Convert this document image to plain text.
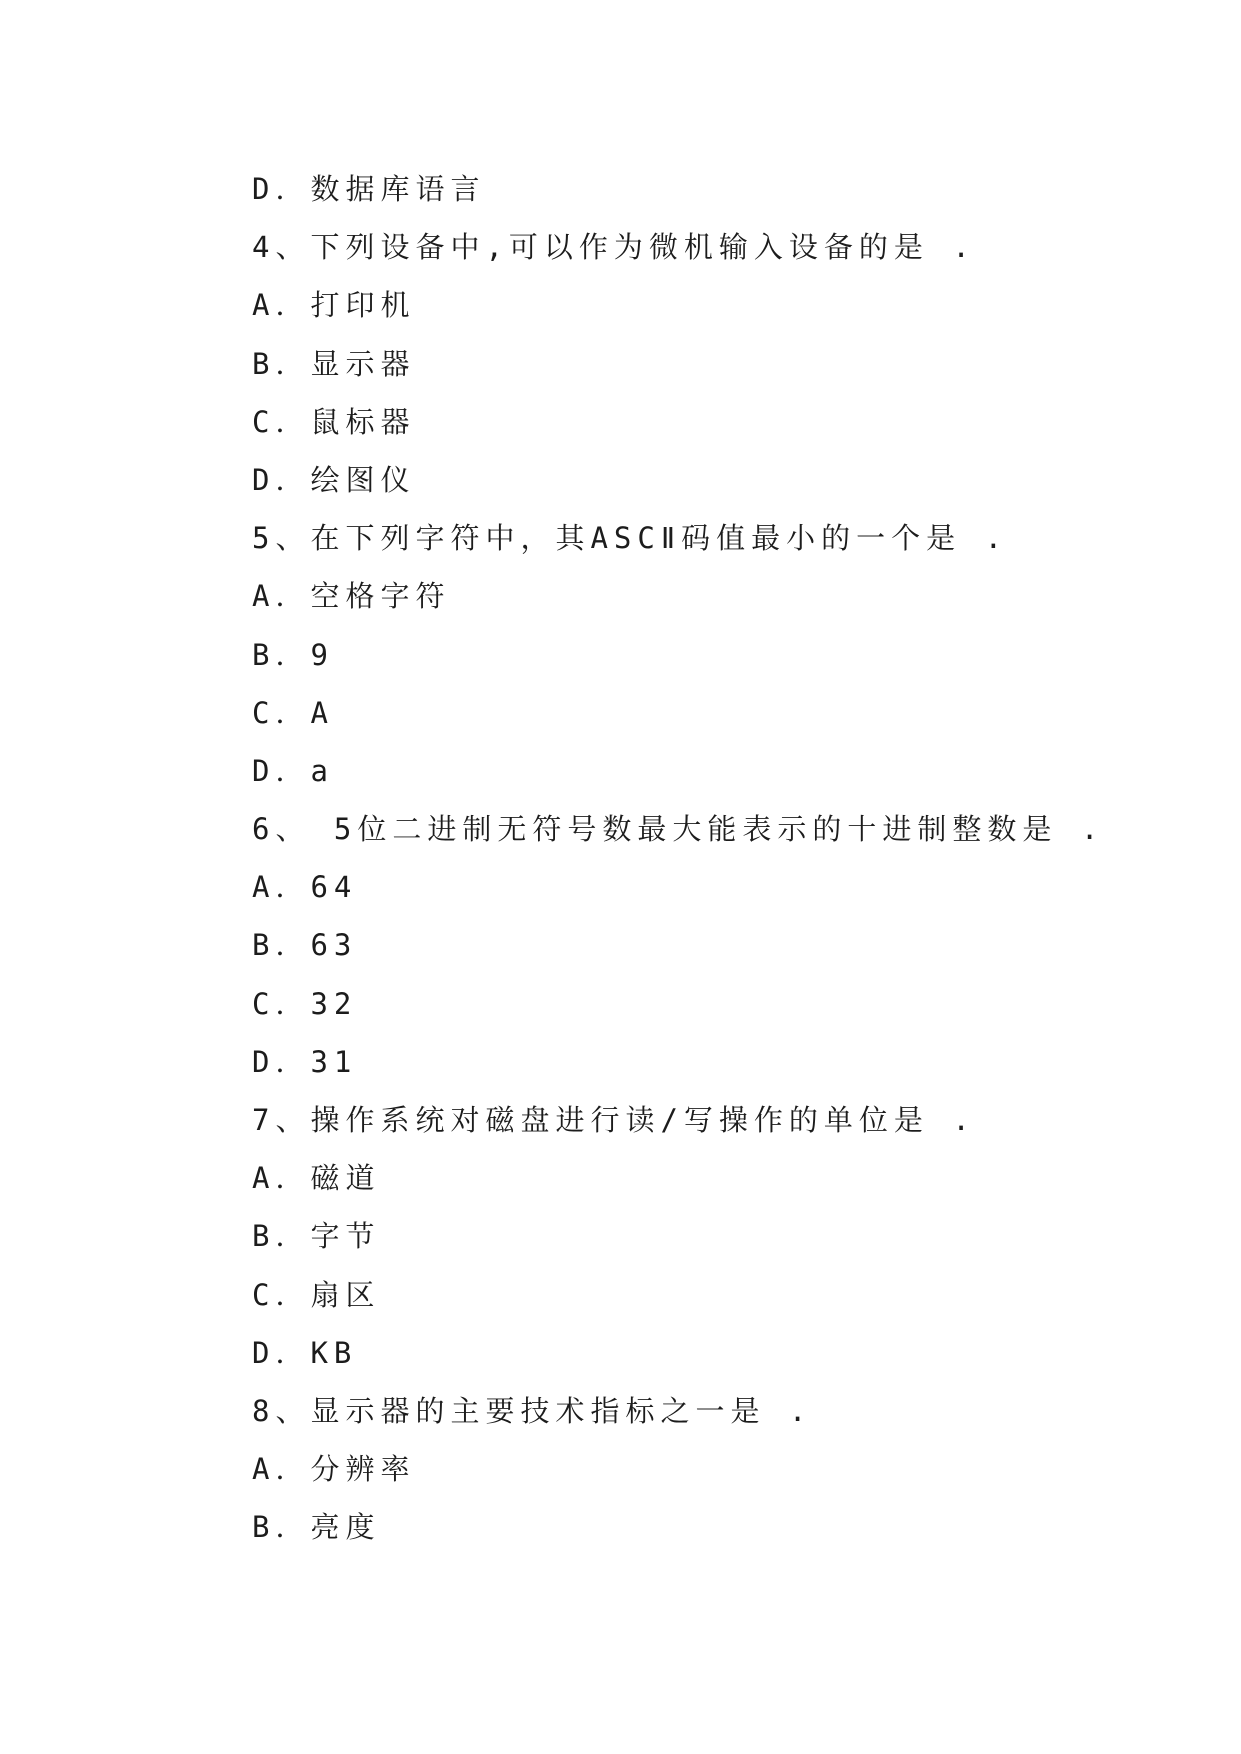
D．数据库语言
4、下列设备中,可以作为微机输入设备的是 .
A．打印机
B．显示器
C．鼠标器
D．绘图仪
5、在下列字符中，其ASCⅡ码值最小的一个是 .
A．空格字符
B．9
C．A
D．a
6、 5位二进制无符号数最大能表示的十进制整数是 .
A．64
B．63
C．32
D．31
7、操作系统对磁盘进行读/写操作的单位是 .
A．磁道
B．字节
C．扇区
D．KB
8、显示器的主要技术指标之一是 .
A．分辨率
B．亮度
